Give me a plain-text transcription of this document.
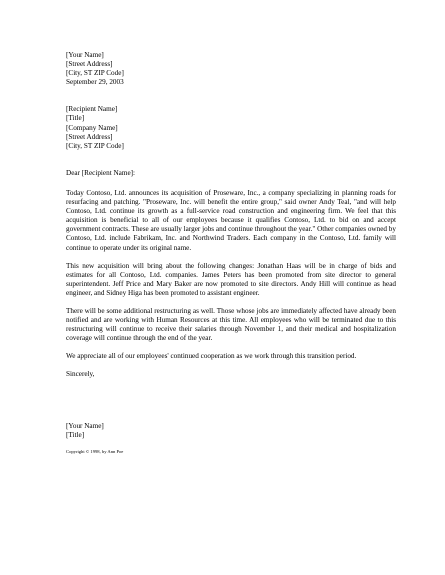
[Your Name]
[Street Address]
[City, ST ZIP Code]
September 29, 2003
[Recipient Name]
[Title]
[Company Name]
[Street Address]
[City, ST ZIP Code]

Dear [Recipient Name]:

Today Contoso, Ltd. announces its acquisition of Proseware, Inc., a company specializing in planning roads for resurfacing and patching. "Proseware, Inc. will benefit the entire group," said owner Andy Teal, "and will help Contoso, Ltd. continue its growth as a full-service road construction and engineering firm. We feel that this acquisition is beneficial to all of our employees because it qualifies Contoso, Ltd. to bid on and accept government contracts. These are usually larger jobs and continue throughout the year." Other companies owned by Contoso, Ltd. include Fabrikam, Inc. and Northwind Traders. Each company in the Contoso, Ltd. family will continue to operate under its original name.

This new acquisition will bring about the following changes: Jonathan Haas will be in charge of bids and estimates for all Contoso, Ltd. companies. James Peters has been promoted from site director to general superintendent. Jeff Price and Mary Baker are now promoted to site directors. Andy Hill will continue as head engineer, and Sidney Higa has been promoted to assistant engineer.

There will be some additional restructuring as well. Those whose jobs are immediately affected have already been notified and are working with Human Resources at this time. All employees who will be terminated due to this restructuring will continue to receive their salaries through November 1, and their medical and hospitalization coverage will continue through the end of the year.

We appreciate all of our employees' continued cooperation as we work through this transition period.

Sincerely,

[Your Name]
[Title]
Copyright © 1998, by Ann Poe
